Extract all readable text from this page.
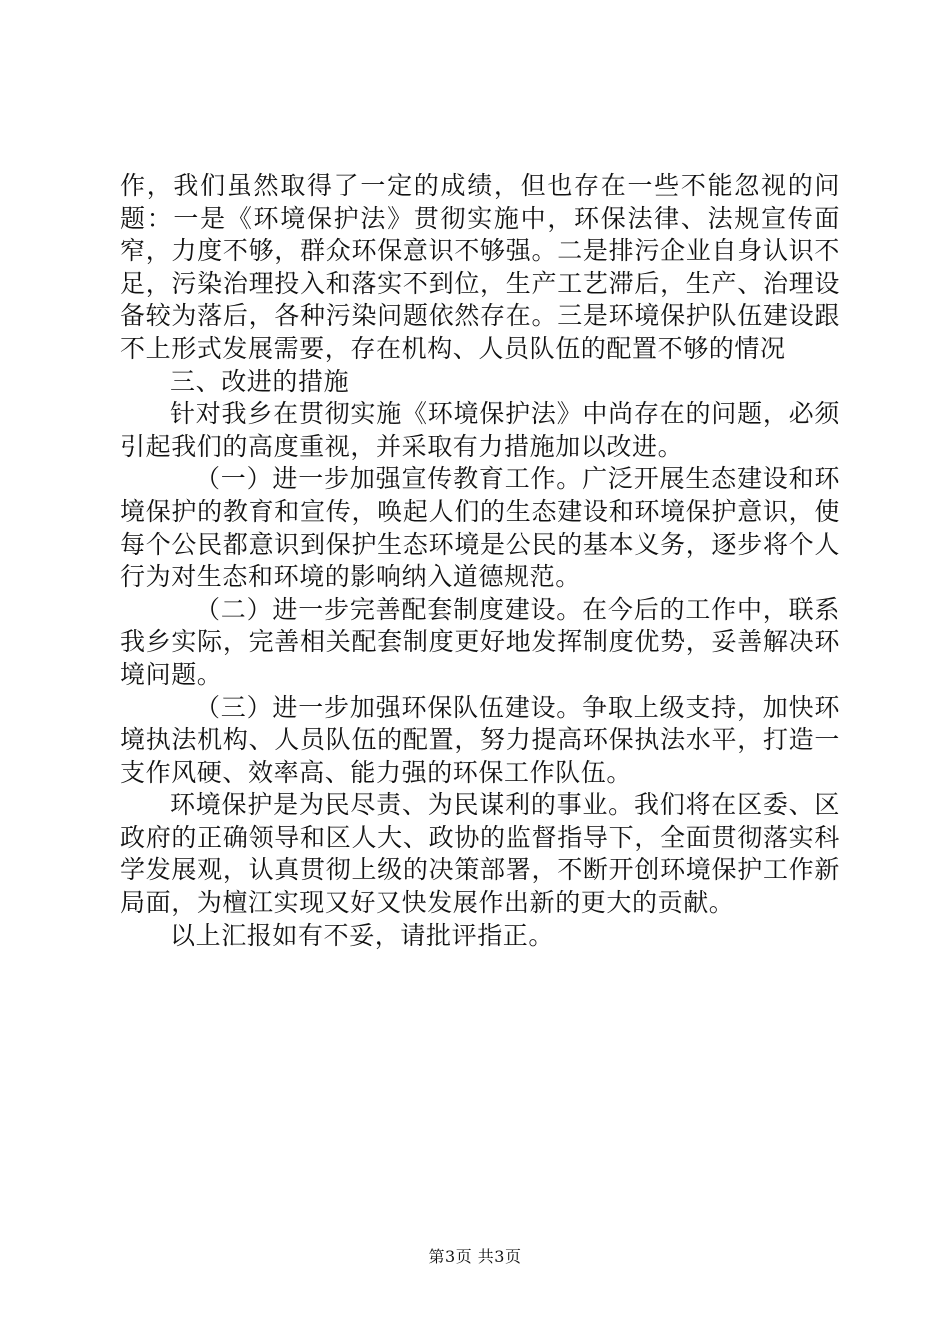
作，我们虽然取得了一定的成绩，但也存在一些不能忽视的问题：一是《环境保护法》贯彻实施中，环保法律、法规宣传面窄，力度不够，群众环保意识不够强。二是排污企业自身认识不足，污染治理投入和落实不到位，生产工艺滞后，生产、治理设备较为落后，各种污染问题依然存在。三是环境保护队伍建设跟不上形式发展需要，存在机构、人员队伍的配置不够的情况

三、改进的措施

针对我乡在贯彻实施《环境保护法》中尚存在的问题，必须引起我们的高度重视，并采取有力措施加以改进。

（一）进一步加强宣传教育工作。广泛开展生态建设和环境保护的教育和宣传，唤起人们的生态建设和环境保护意识，使每个公民都意识到保护生态环境是公民的基本义务，逐步将个人行为对生态和环境的影响纳入道德规范。

（二）进一步完善配套制度建设。在今后的工作中，联系我乡实际，完善相关配套制度更好地发挥制度优势，妥善解决环境问题。

（三）进一步加强环保队伍建设。争取上级支持，加快环境执法机构、人员队伍的配置，努力提高环保执法水平，打造一支作风硬、效率高、能力强的环保工作队伍。

环境保护是为民尽责、为民谋利的事业。我们将在区委、区政府的正确领导和区人大、政协的监督指导下，全面贯彻落实科学发展观，认真贯彻上级的决策部署，不断开创环境保护工作新局面，为檀江实现又好又快发展作出新的更大的贡献。

以上汇报如有不妥，请批评指正。

第3页 共3页
